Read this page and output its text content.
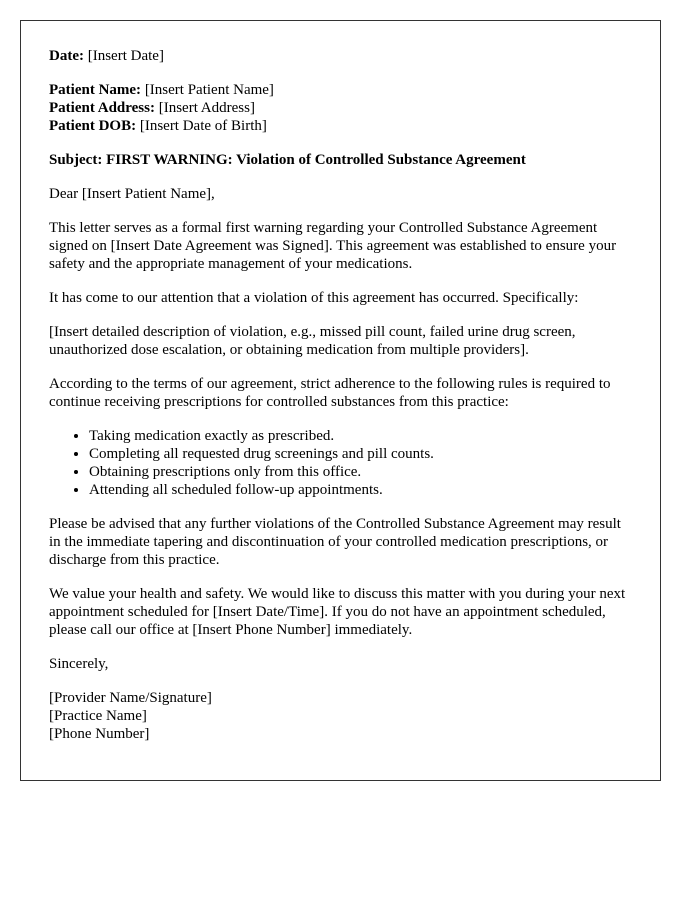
Date: [Insert Date]

Patient Name: [Insert Patient Name]
Patient Address: [Insert Address]
Patient DOB: [Insert Date of Birth]

Subject: FIRST WARNING: Violation of Controlled Substance Agreement

Dear [Insert Patient Name],

This letter serves as a formal first warning regarding your Controlled Substance Agreement signed on [Insert Date Agreement was Signed]. This agreement was established to ensure your safety and the appropriate management of your medications.

It has come to our attention that a violation of this agreement has occurred. Specifically:

[Insert detailed description of violation, e.g., missed pill count, failed urine drug screen, unauthorized dose escalation, or obtaining medication from multiple providers].

According to the terms of our agreement, strict adherence to the following rules is required to continue receiving prescriptions for controlled substances from this practice:

• Taking medication exactly as prescribed.
• Completing all requested drug screenings and pill counts.
• Obtaining prescriptions only from this office.
• Attending all scheduled follow-up appointments.

Please be advised that any further violations of the Controlled Substance Agreement may result in the immediate tapering and discontinuation of your controlled medication prescriptions, or discharge from this practice.

We value your health and safety. We would like to discuss this matter with you during your next appointment scheduled for [Insert Date/Time]. If you do not have an appointment scheduled, please call our office at [Insert Phone Number] immediately.

Sincerely,

[Provider Name/Signature]
[Practice Name]
[Phone Number]
